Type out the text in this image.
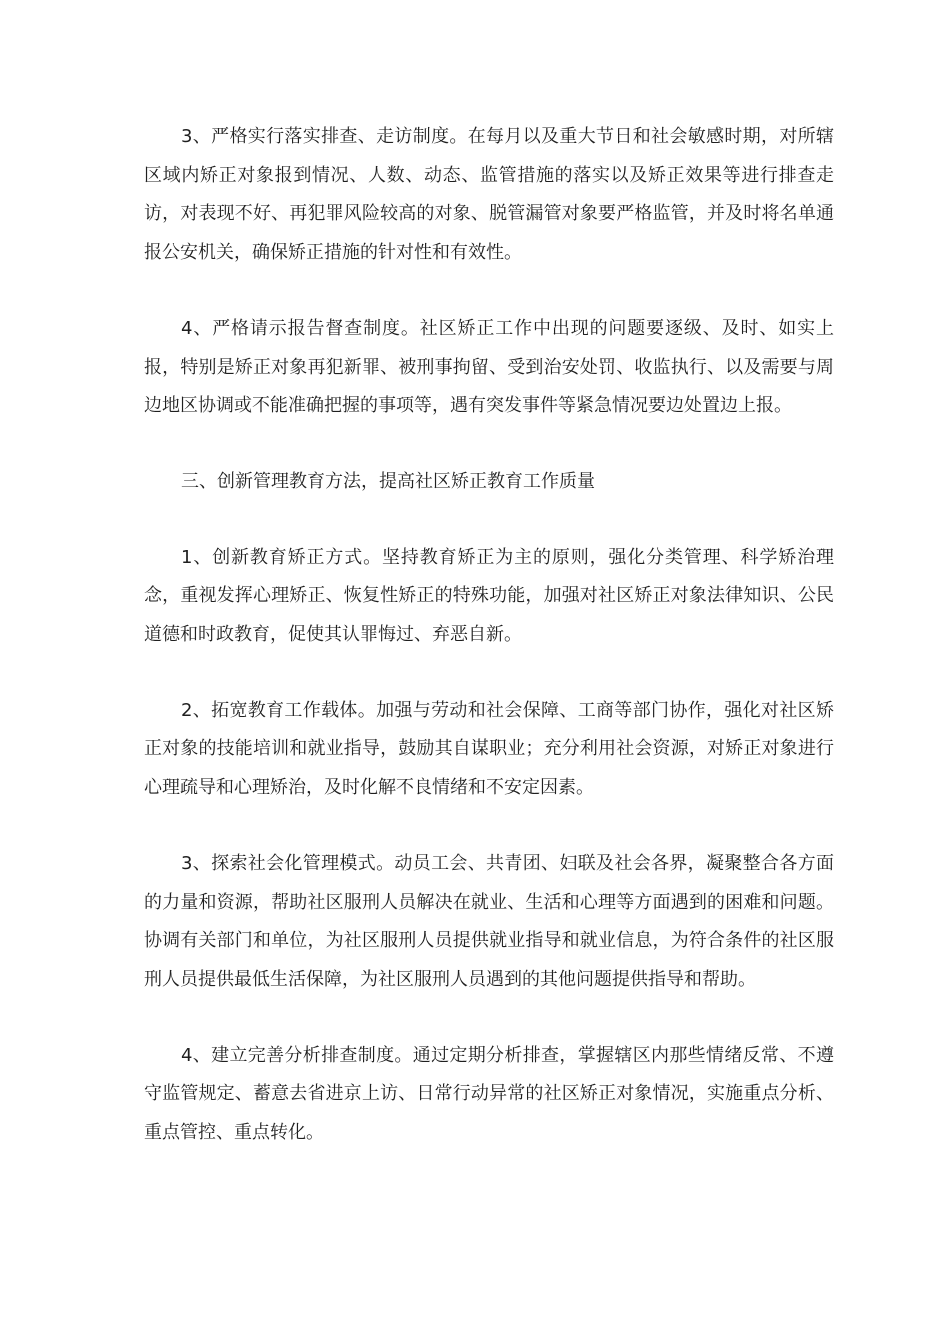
3、严格实行落实排查、走访制度。在每月以及重大节日和社会敏感时期，对所辖区域内矫正对象报到情况、人数、动态、监管措施的落实以及矫正效果等进行排查走访，对表现不好、再犯罪风险较高的对象、脱管漏管对象要严格监管，并及时将名单通报公安机关，确保矫正措施的针对性和有效性。

4、严格请示报告督查制度。社区矫正工作中出现的问题要逐级、及时、如实上报，特别是矫正对象再犯新罪、被刑事拘留、受到治安处罚、收监执行、以及需要与周边地区协调或不能准确把握的事项等，遇有突发事件等紧急情况要边处置边上报。

三、创新管理教育方法，提高社区矫正教育工作质量

1、创新教育矫正方式。坚持教育矫正为主的原则，强化分类管理、科学矫治理念，重视发挥心理矫正、恢复性矫正的特殊功能，加强对社区矫正对象法律知识、公民道德和时政教育，促使其认罪悔过、弃恶自新。

2、拓宽教育工作载体。加强与劳动和社会保障、工商等部门协作，强化对社区矫正对象的技能培训和就业指导，鼓励其自谋职业；充分利用社会资源，对矫正对象进行心理疏导和心理矫治，及时化解不良情绪和不安定因素。

3、探索社会化管理模式。动员工会、共青团、妇联及社会各界，凝聚整合各方面的力量和资源，帮助社区服刑人员解决在就业、生活和心理等方面遇到的困难和问题。协调有关部门和单位，为社区服刑人员提供就业指导和就业信息，为符合条件的社区服刑人员提供最低生活保障，为社区服刑人员遇到的其他问题提供指导和帮助。

4、建立完善分析排查制度。通过定期分析排查，掌握辖区内那些情绪反常、不遵守监管规定、蓄意去省进京上访、日常行动异常的社区矫正对象情况，实施重点分析、重点管控、重点转化。
